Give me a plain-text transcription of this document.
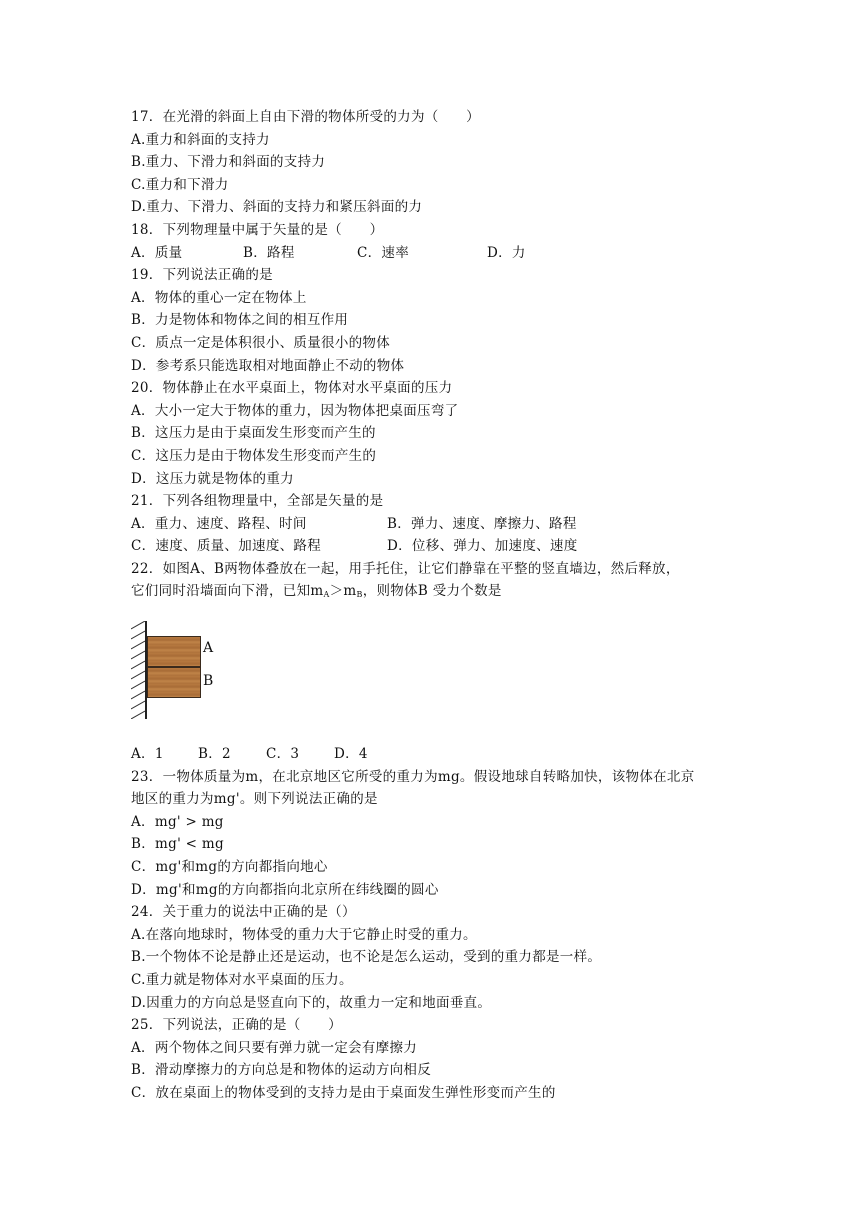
17．在光滑的斜面上自由下滑的物体所受的力为（　　）
A.重力和斜面的支持力
B.重力、下滑力和斜面的支持力
C.重力和下滑力
D.重力、下滑力、斜面的支持力和紧压斜面的力
18．下列物理量中属于矢量的是（　　）
A．质量	B．路程	C．速率	D．力
19．下列说法正确的是
A．物体的重心一定在物体上
B．力是物体和物体之间的相互作用
C．质点一定是体积很小、质量很小的物体
D．参考系只能选取相对地面静止不动的物体
20．物体静止在水平桌面上，物体对水平桌面的压力
A．大小一定大于物体的重力，因为物体把桌面压弯了
B．这压力是由于桌面发生形变而产生的
C．这压力是由于物体发生形变而产生的
D．这压力就是物体的重力
21．下列各组物理量中，全部是矢量的是
A．重力、速度、路程、时间	B．弹力、速度、摩擦力、路程
C．速度、质量、加速度、路程	D．位移、弹力、加速度、速度
22．如图A、B两物体叠放在一起，用手托住，让它们静靠在平整的竖直墙边，然后释放，
它们同时沿墙面向下滑，已知$m_A>m_B$，则物体B 受力个数是
A
B
A．1	B．2	C．3	D．4
23．一物体质量为m，在北京地区它所受的重力为mg。假设地球自转略加快，该物体在北京
地区的重力为mg'。则下列说法正确的是
A．mg' > mg
B．mg' < mg
C．mg'和mg的方向都指向地心
D．mg'和mg的方向都指向北京所在纬线圈的圆心
24．关于重力的说法中正确的是（）
A.在落向地球时，物体受的重力大于它静止时受的重力。
B.一个物体不论是静止还是运动，也不论是怎么运动，受到的重力都是一样。
C.重力就是物体对水平桌面的压力。
D.因重力的方向总是竖直向下的，故重力一定和地面垂直。
25．下列说法，正确的是（　　）
A．两个物体之间只要有弹力就一定会有摩擦力
B．滑动摩擦力的方向总是和物体的运动方向相反
C．放在桌面上的物体受到的支持力是由于桌面发生弹性形变而产生的
